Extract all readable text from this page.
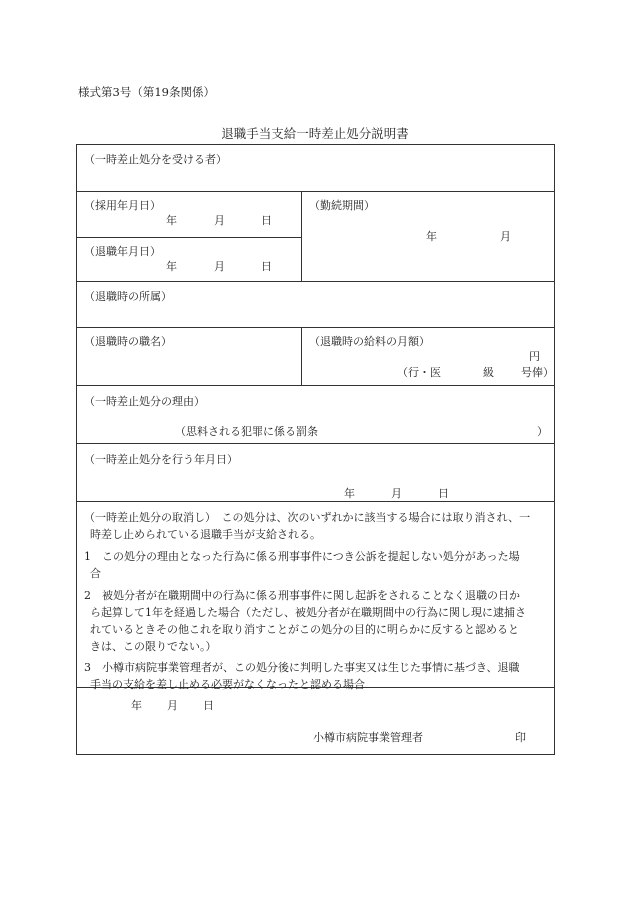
様式第3号（第19条関係）
退職手当支給一時差止処分説明書
（一時差止処分を受ける者）
（採用年月日）
年	月	日
（勤続期間）
年	月
（退職年月日）
年	月	日
（退職時の所属）
（退職時の職名）	（退職時の給料の月額）
円
（行・医	級 号俸）
（一時差止処分の理由）
（思料される犯罪に係る罰条	）
（一時差止処分を行う年月日）
年	月	日
（一時差止処分の取消し）　この処分は、次のいずれかに該当する場合には取り消され、一
時差し止められている退職手当が支給される。
1　この処分の理由となった行為に係る刑事事件につき公訴を提起しない処分があった場
合
2　被処分者が在職期間中の行為に係る刑事事件に関し起訴をされることなく退職の日か
ら起算して1年を経過した場合（ただし、被処分者が在職期間中の行為に関し現に逮捕さ
れているときその他これを取り消すことがこの処分の目的に明らかに反すると認めると
きは、この限りでない。）
3　小樽市病院事業管理者が、この処分後に判明した事実又は生じた事情に基づき、退職
手当の支給を差し止める必要がなくなったと認める場合
年 月 日
小樽市病院事業管理者	印
